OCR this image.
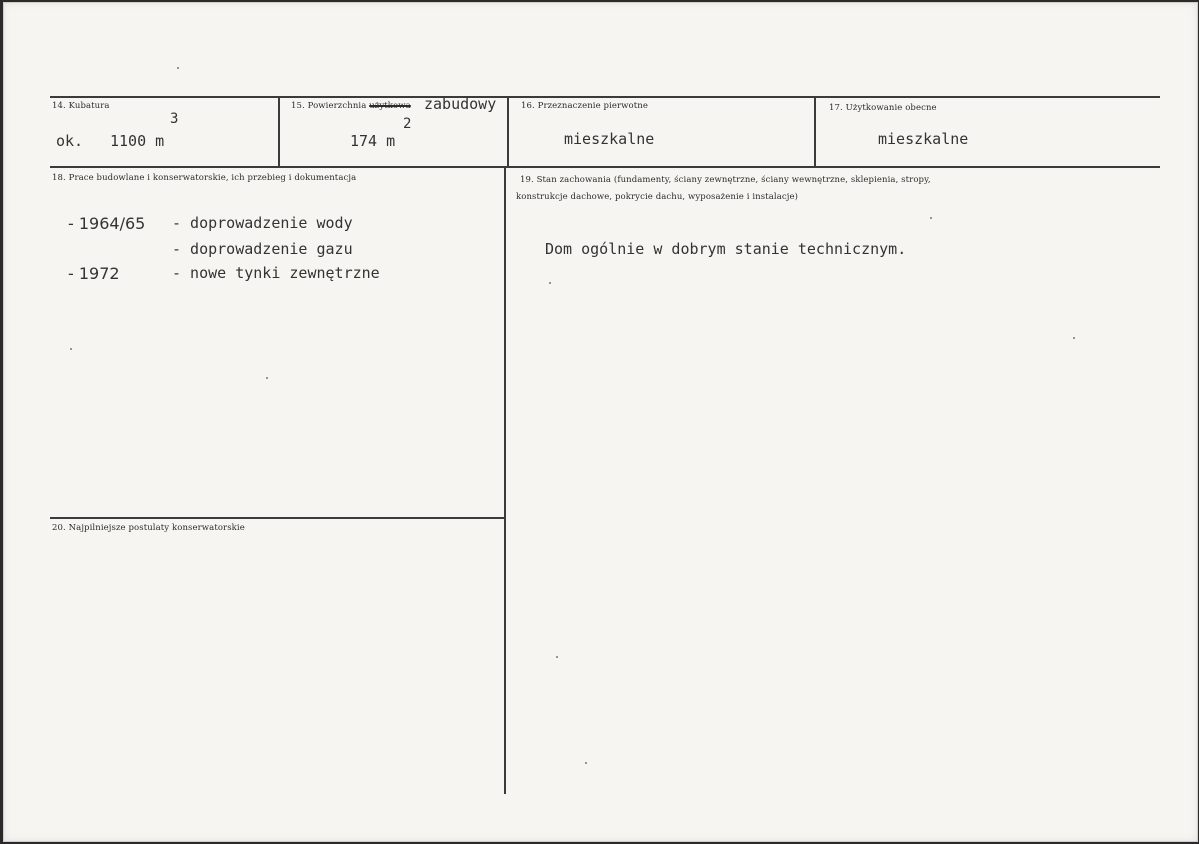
14. Kubatura
ok. 1100 m
3
15. Powierzchnia użytkowa zabudowy
174 m
2
16. Przeznaczenie pierwotne
mieszkalne
17. Użytkowanie obecne
mieszkalne
18. Prace budowlane i konserwatorskie, ich przebieg i dokumentacja
- 1964/65 - doprowadzenie wody
- doprowadzenie gazu
- 1972	- nowe tynki zewnętrzne
19. Stan zachowania (fundamenty, ściany zewnętrzne, ściany wewnętrzne, sklepienia, stropy,
konstrukcje dachowe, pokrycie dachu, wyposażenie i instalacje)
Dom ogólnie w dobrym stanie technicznym.
20. Najpilniejsze postulaty konserwatorskie
